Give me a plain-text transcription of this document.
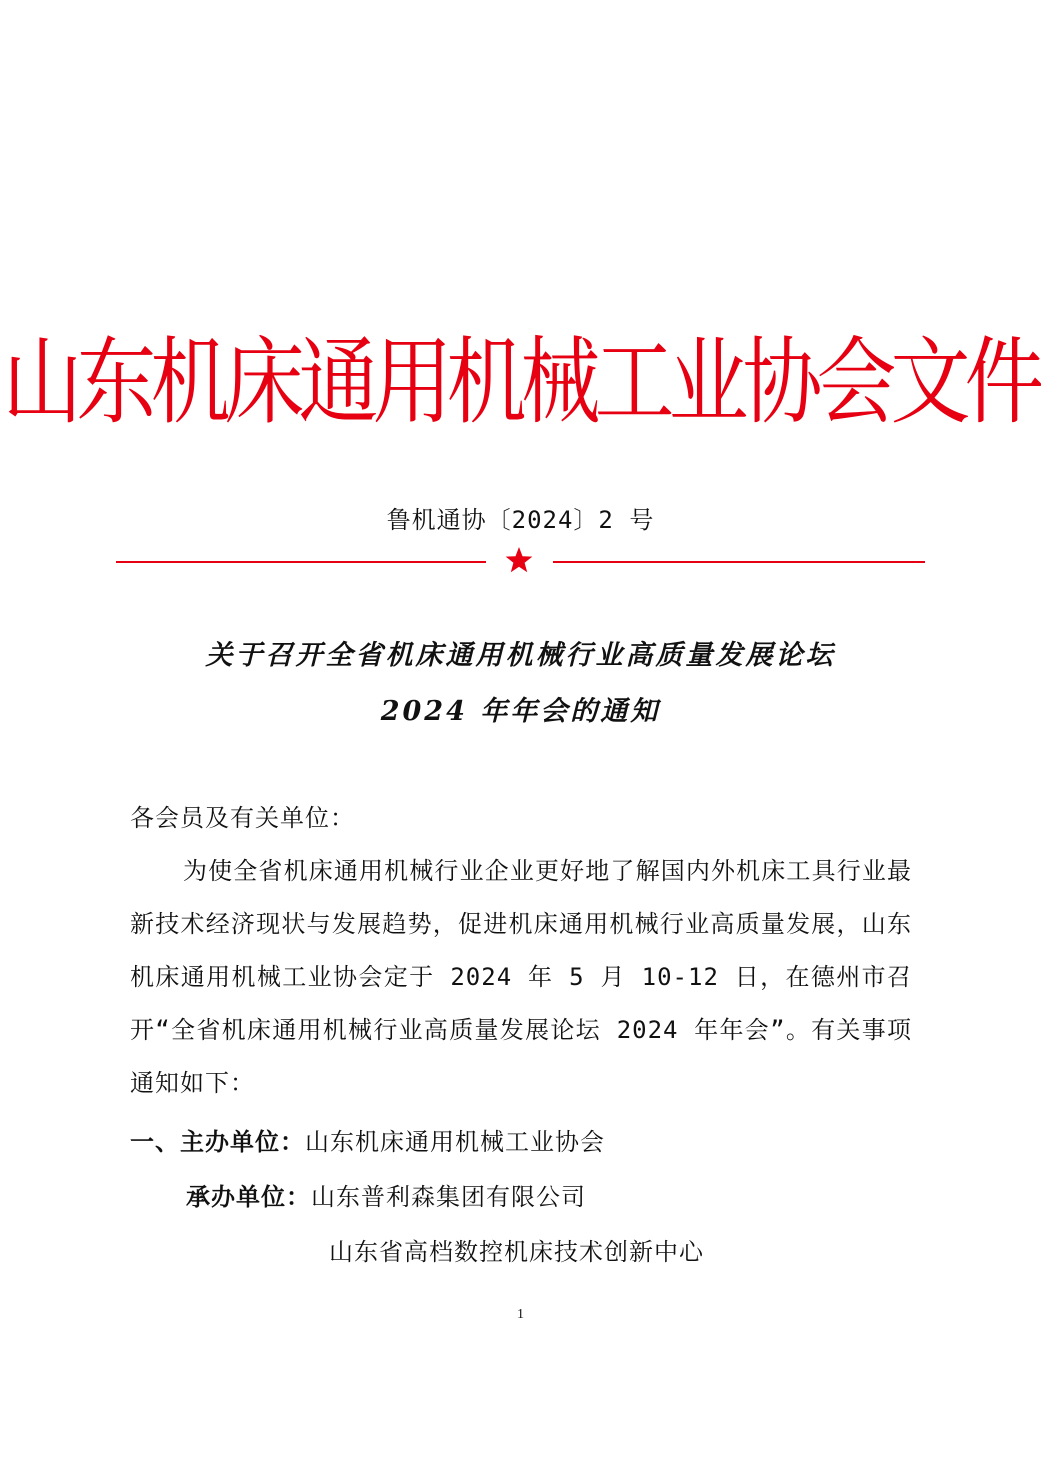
山东机床通用机械工业协会文件
鲁机通协〔2024〕2 号
关于召开全省机床通用机械行业高质量发展论坛
2024 年年会的通知
各会员及有关单位：
为使全省机床通用机械行业企业更好地了解国内外机床工具行业最新技术经济现状与发展趋势，促进机床通用机械行业高质量发展，山东机床通用机械工业协会定于 2024 年 5 月 10-12 日，在德州市召开“全省机床通用机械行业高质量发展论坛 2024 年年会”。有关事项通知如下：
一、主办单位：山东机床通用机械工业协会
承办单位：山东普利森集团有限公司
山东省高档数控机床技术创新中心
1
